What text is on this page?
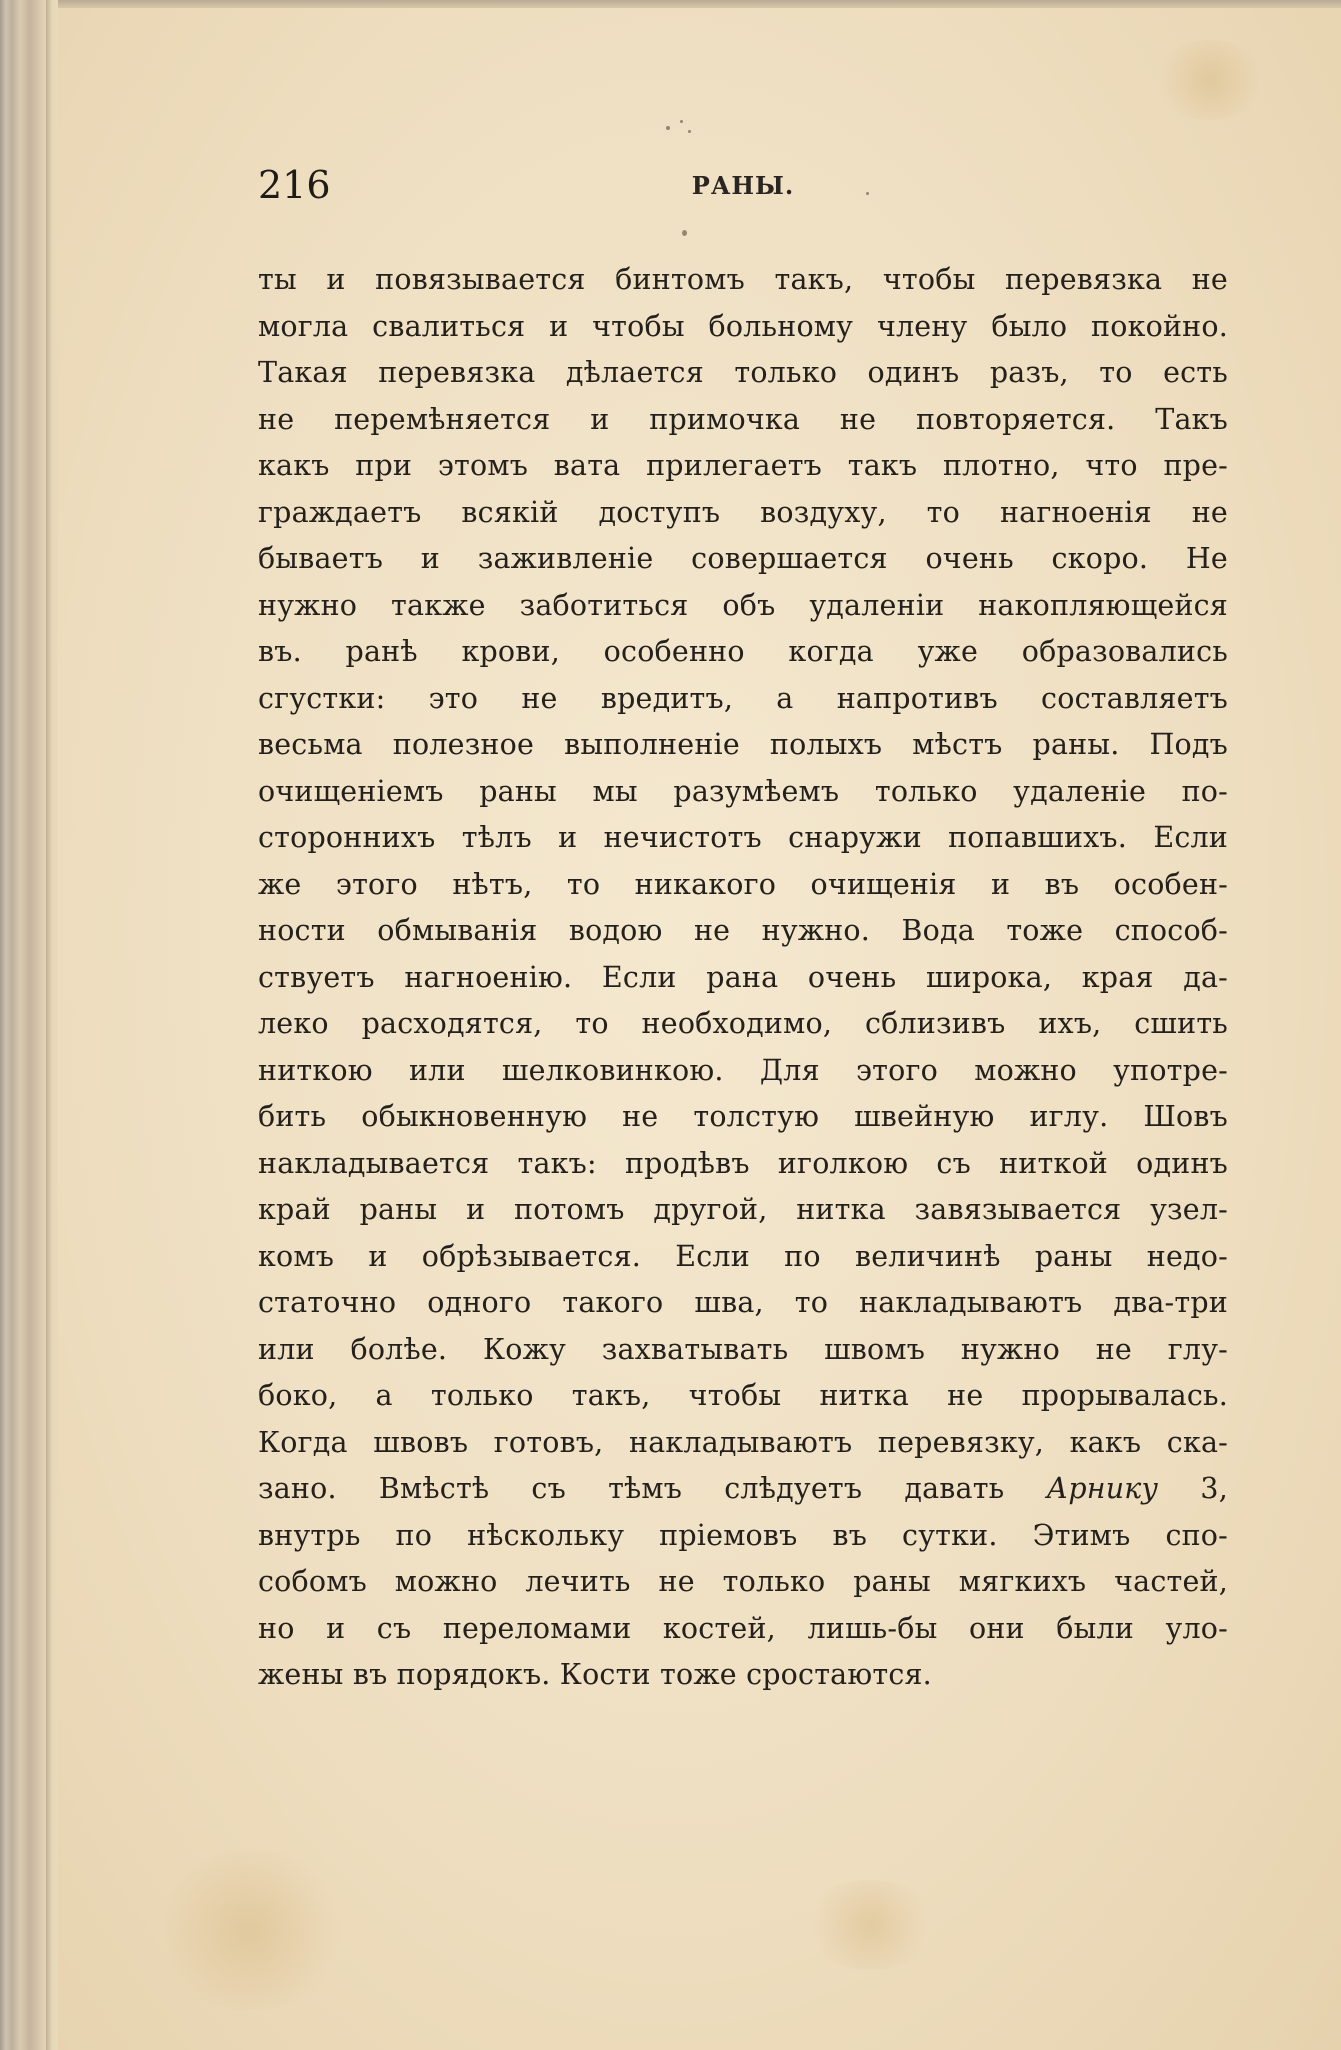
216	РАНЫ.
ты и повязывается бинтомъ такъ, чтобы перевязка не
могла свалиться и чтобы больному члену было покойно.
Такая перевязка дѣлается только одинъ разъ, то есть
не перемѣняется и примочка не повторяется. Такъ
какъ при этомъ вата прилегаетъ такъ плотно, что пре-
граждаетъ всякій доступъ воздуху, то нагноенія не
бываетъ и заживленіе совершается очень скоро. Не
нужно также заботиться объ удаленіи накопляющейся
въ. ранѣ крови, особенно когда уже образовались
сгустки: это не вредитъ, а напротивъ составляетъ
весьма полезное выполненіе полыхъ мѣстъ раны. Подъ
очищеніемъ раны мы разумѣемъ только удаленіе по-
стороннихъ тѣлъ и нечистотъ снаружи попавшихъ. Если
же этого нѣтъ, то никакого очищенія и въ особен-
ности обмыванія водою не нужно. Вода тоже способ-
ствуетъ нагноенію. Если рана очень широка, края да-
леко расходятся, то необходимо, сблизивъ ихъ, сшить
ниткою или шелковинкою. Для этого можно употре-
бить обыкновенную не толстую швейную иглу. Шовъ
накладывается такъ: продѣвъ иголкою съ ниткой одинъ
край раны и потомъ другой, нитка завязывается узел-
комъ и обрѣзывается. Если по величинѣ раны недо-
статочно одного такого шва, то накладываютъ два-три
или болѣе. Кожу захватывать швомъ нужно не глу-
боко, а только такъ, чтобы нитка не прорывалась.
Когда швовъ готовъ, накладываютъ перевязку, какъ ска-
зано. Вмѣстѣ съ тѣмъ слѣдуетъ давать Арнику 3,
внутрь по нѣскольку пріемовъ въ сутки. Этимъ спо-
собомъ можно лечить не только раны мягкихъ частей,
но и съ переломами костей, лишь-бы они были уло-
жены въ порядокъ. Кости тоже сростаются.
